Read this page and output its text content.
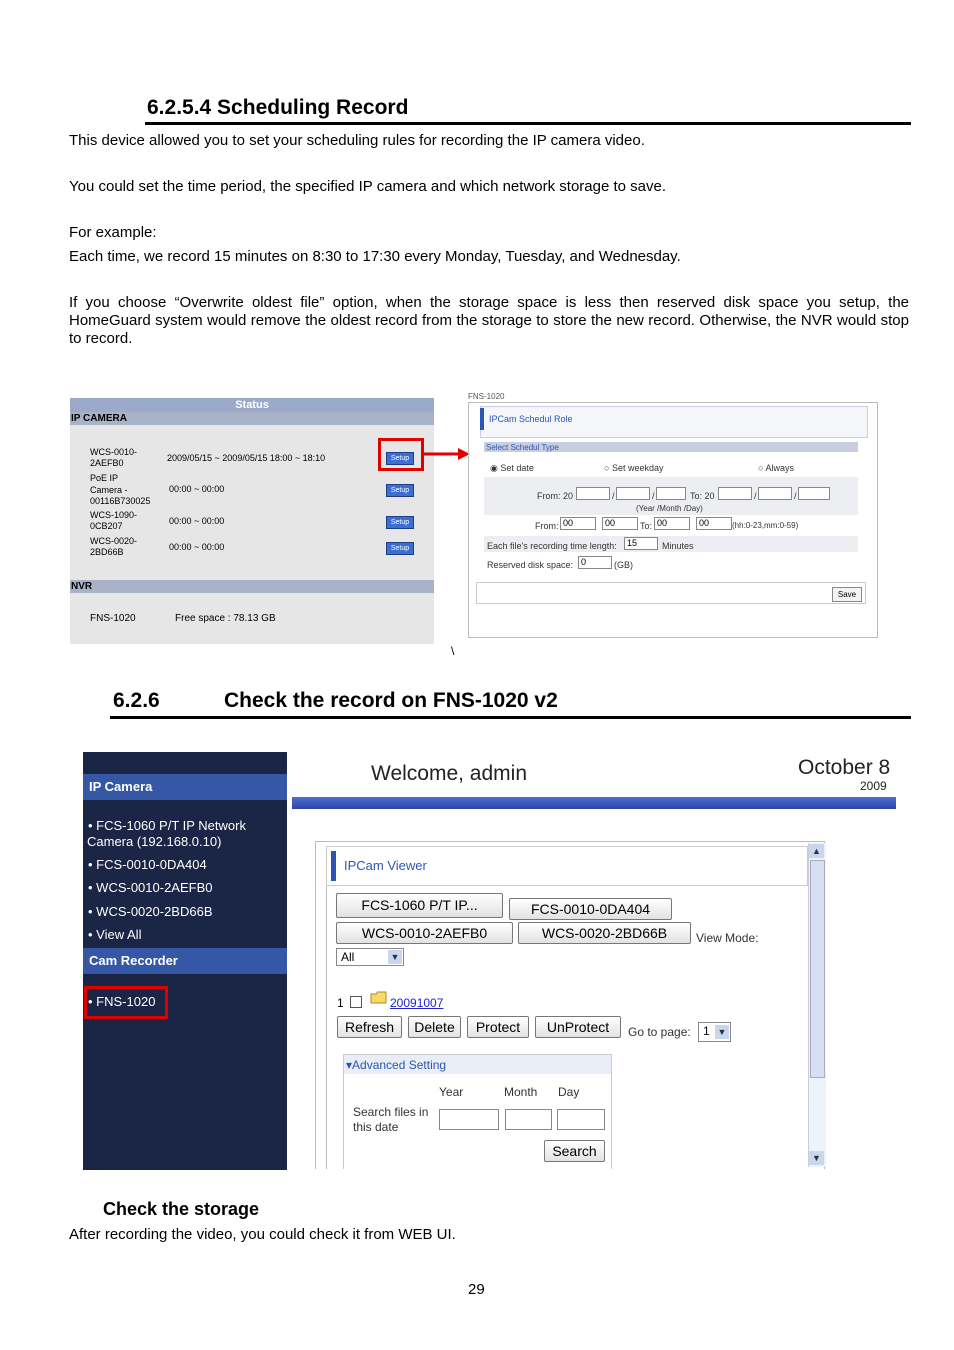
6.2.5.4 Scheduling Record
This device allowed you to set your scheduling rules for recording the IP camera video.
You could set the time period, the specified IP camera and which network storage to save.
For example:
Each time, we record 15 minutes on 8:30 to 17:30 every Monday, Tuesday, and Wednesday.
If you choose “Overwrite oldest file” option, when the storage space is less then reserved disk space you setup, the HomeGuard system would remove the oldest record from the storage to store the new record. Otherwise, the NVR would stop to record.
Status
IP CAMERA
WCS-0010-
2AEFB0	2009/05/15 ~ 2009/05/15 18:00 ~ 18:10	Setup
PoE IP
Camera -
00116B730025
00:00 ~ 00:00	Setup
WCS-1090-
0CB207	00:00 ~ 00:00	Setup
WCS-0020-
2BD66B	00:00 ~ 00:00	Setup
NVR
FNS-1020	Free space : 78.13 GB
FNS-1020
IPCam Schedul Role
Select Schedul Type
◉ Set date	○ Set weekday	○ Always
From: 20	/	/	To: 20	/	/
(Year /Month /Day)
From: 00	00	To: 00	00	(hh:0-23,mm:0-59)
Each file's recording time length:	15	Minutes
Reserved disk space: 0	(GB)
Save
\
6.2.6	Check the record on FNS-1020 v2
IP Camera
• FCS-1060 P/T IP Network
Camera (192.168.0.10)
• FCS-0010-0DA404
• WCS-0010-2AEFB0
• WCS-0020-2BD66B
• View All
Cam Recorder
• FNS-1020
Welcome, admin	October 8
2009
IPCam Viewer
▲
▼
FCS-1060 P/T IP...	FCS-0010-0DA404
WCS-0010-2AEFB0	WCS-0020-2BD66B	View Mode:
All	▼
1	20091007
Refresh	Delete	Protect	UnProtect	Go to page:	1 ▼
▾Advanced Setting
Year	Month Day
Search files in
this date
Search
Check the storage
After recording the video, you could check it from WEB UI.
29
